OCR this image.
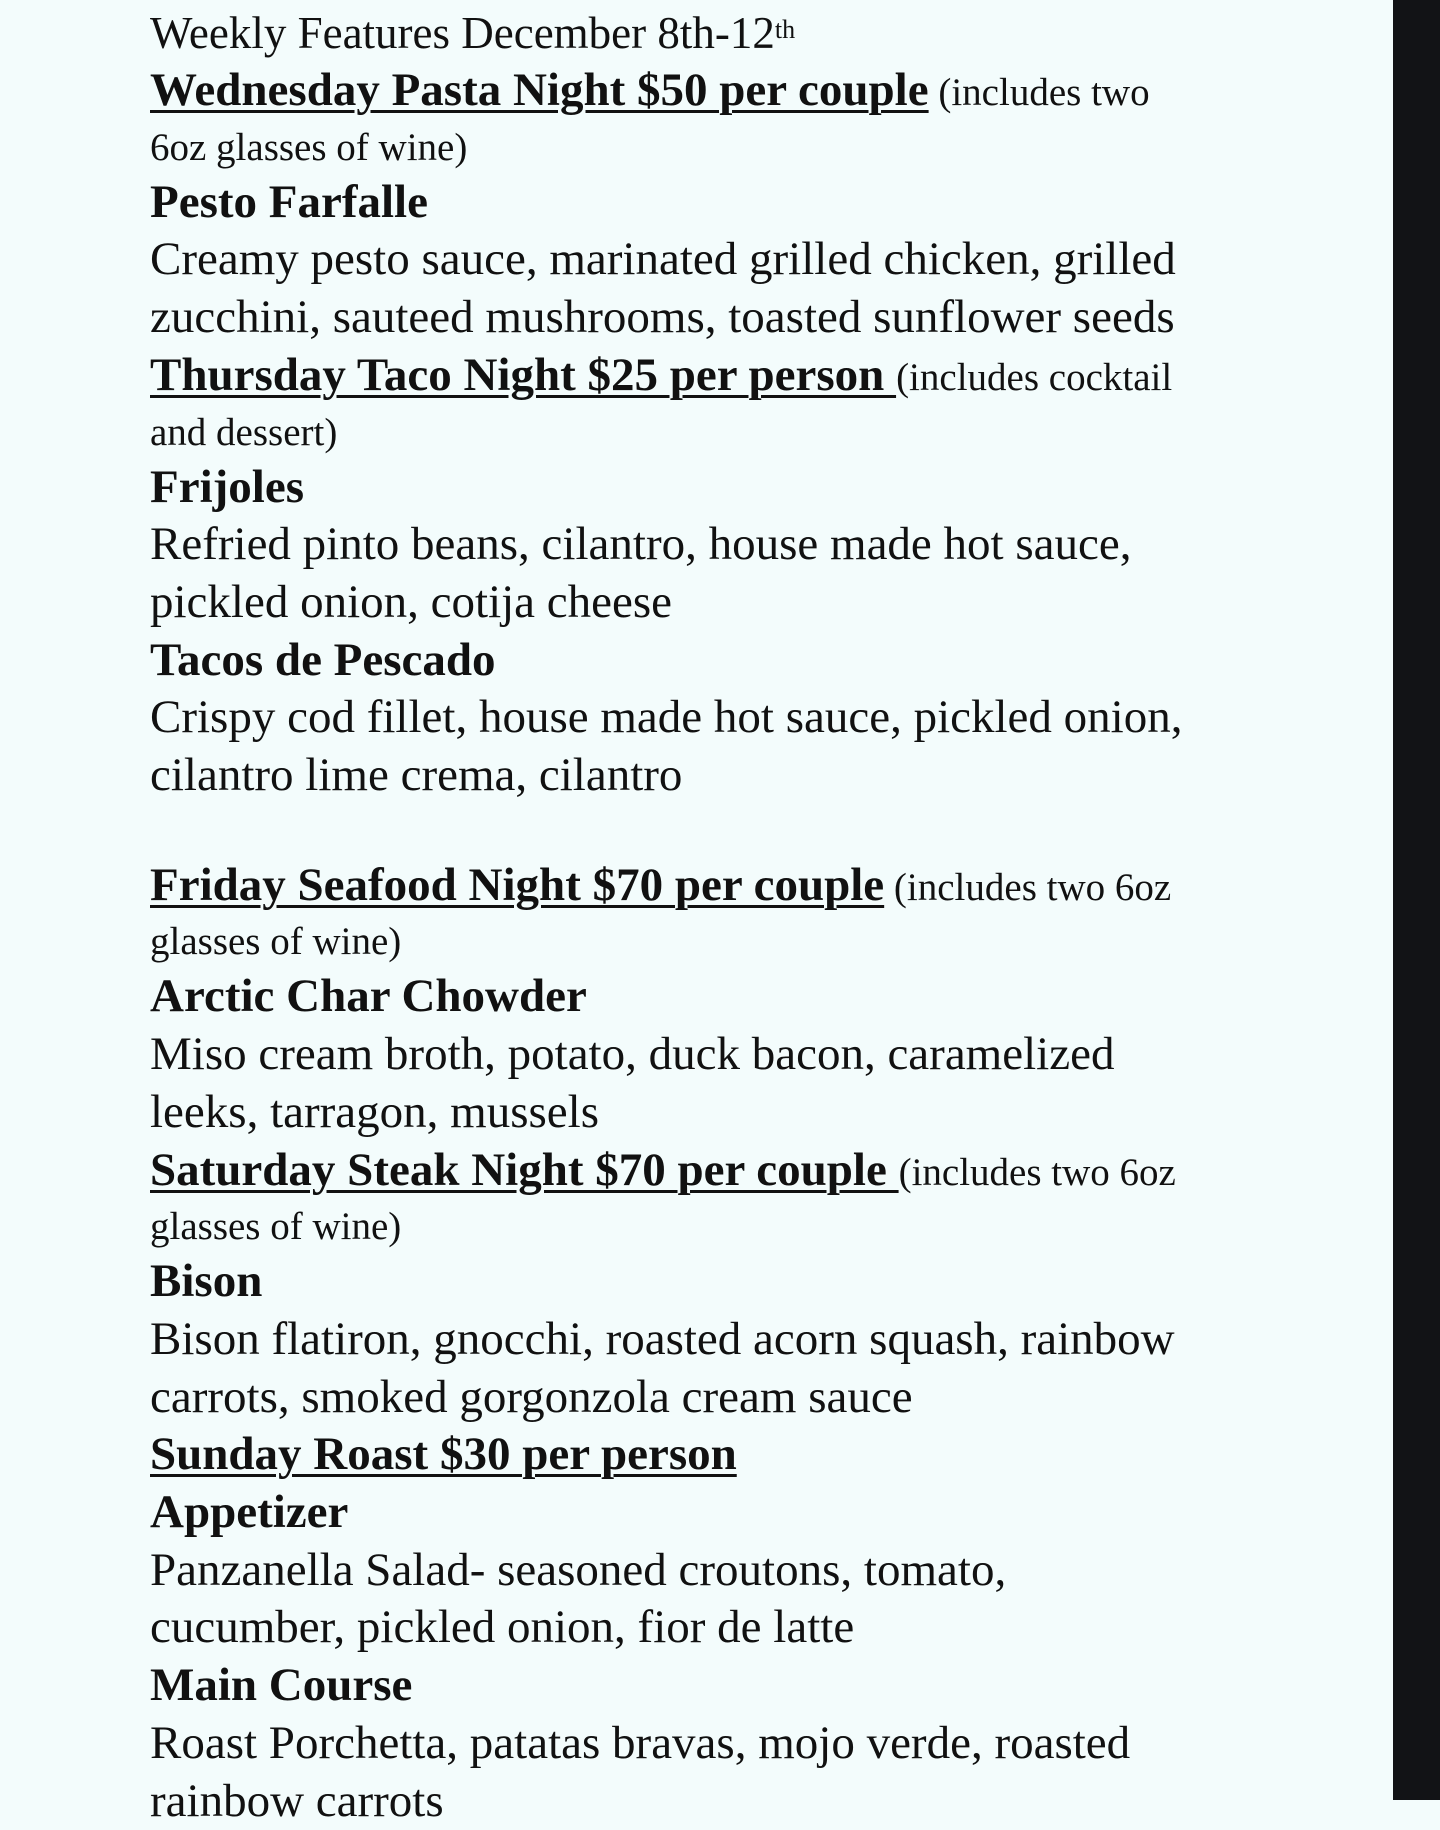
Weekly Features December 8th-12th
Wednesday Pasta Night $50 per couple (includes two
6oz glasses of wine)
Pesto Farfalle
Creamy pesto sauce, marinated grilled chicken, grilled
zucchini, sauteed mushrooms, toasted sunflower seeds
Thursday Taco Night $25 per person (includes cocktail
and dessert)
Frijoles
Refried pinto beans, cilantro, house made hot sauce,
pickled onion, cotija cheese
Tacos de Pescado
Crispy cod fillet, house made hot sauce, pickled onion,
cilantro lime crema, cilantro
Friday Seafood Night $70 per couple (includes two 6oz
glasses of wine)
Arctic Char Chowder
Miso cream broth, potato, duck bacon, caramelized
leeks, tarragon, mussels
Saturday Steak Night $70 per couple (includes two 6oz
glasses of wine)
Bison
Bison flatiron, gnocchi, roasted acorn squash, rainbow
carrots, smoked gorgonzola cream sauce
Sunday Roast $30 per person
Appetizer
Panzanella Salad- seasoned croutons, tomato,
cucumber, pickled onion, fior de latte
Main Course
Roast Porchetta, patatas bravas, mojo verde, roasted
rainbow carrots
